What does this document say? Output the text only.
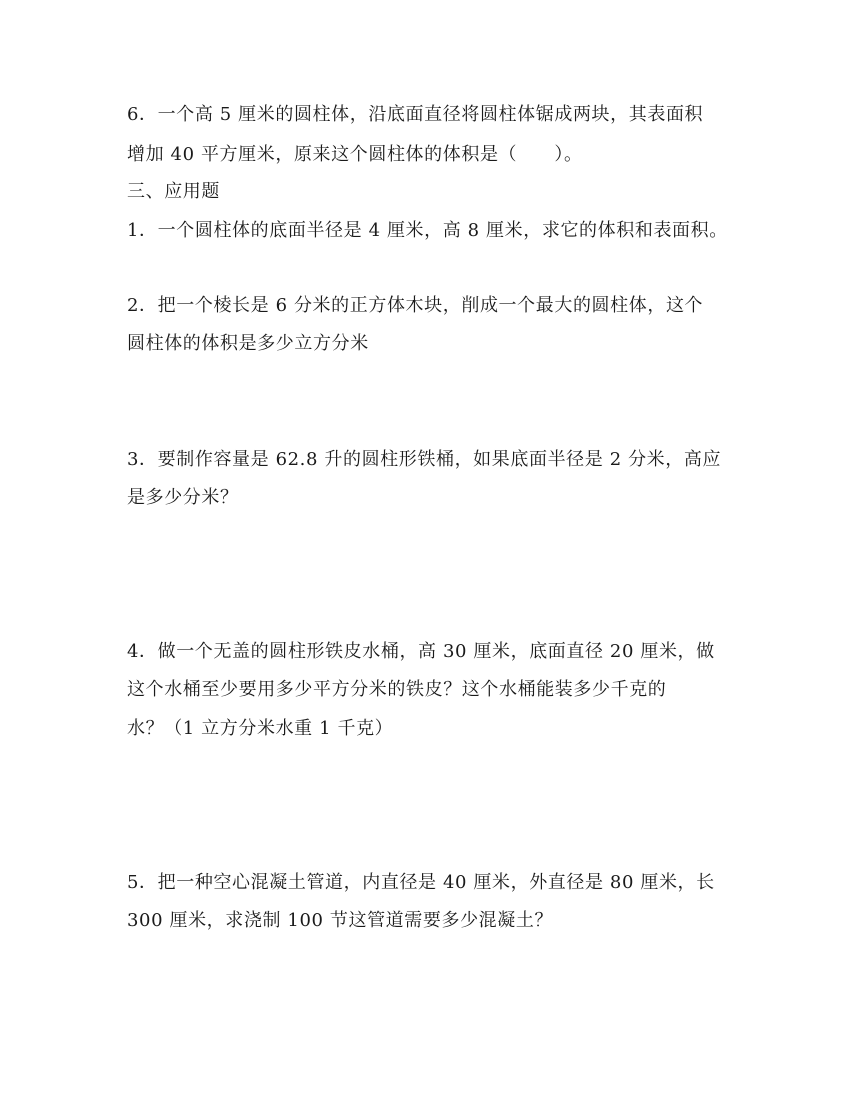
6．一个高 5 厘米的圆柱体，沿底面直径将圆柱体锯成两块，其表面积

增加 40 平方厘米，原来这个圆柱体的体积是（　　）。

三、应用题

1．一个圆柱体的底面半径是 4 厘米，高 8 厘米，求它的体积和表面积。

2．把一个棱长是 6 分米的正方体木块，削成一个最大的圆柱体，这个

圆柱体的体积是多少立方分米

3．要制作容量是 62.8 升的圆柱形铁桶，如果底面半径是 2 分米，高应

是多少分米？

4．做一个无盖的圆柱形铁皮水桶，高 30 厘米，底面直径 20 厘米，做

这个水桶至少要用多少平方分米的铁皮？这个水桶能装多少千克的

水？（1 立方分米水重 1 千克）

5．把一种空心混凝土管道，内直径是 40 厘米，外直径是 80 厘米，长

300 厘米，求浇制 100 节这管道需要多少混凝土？
